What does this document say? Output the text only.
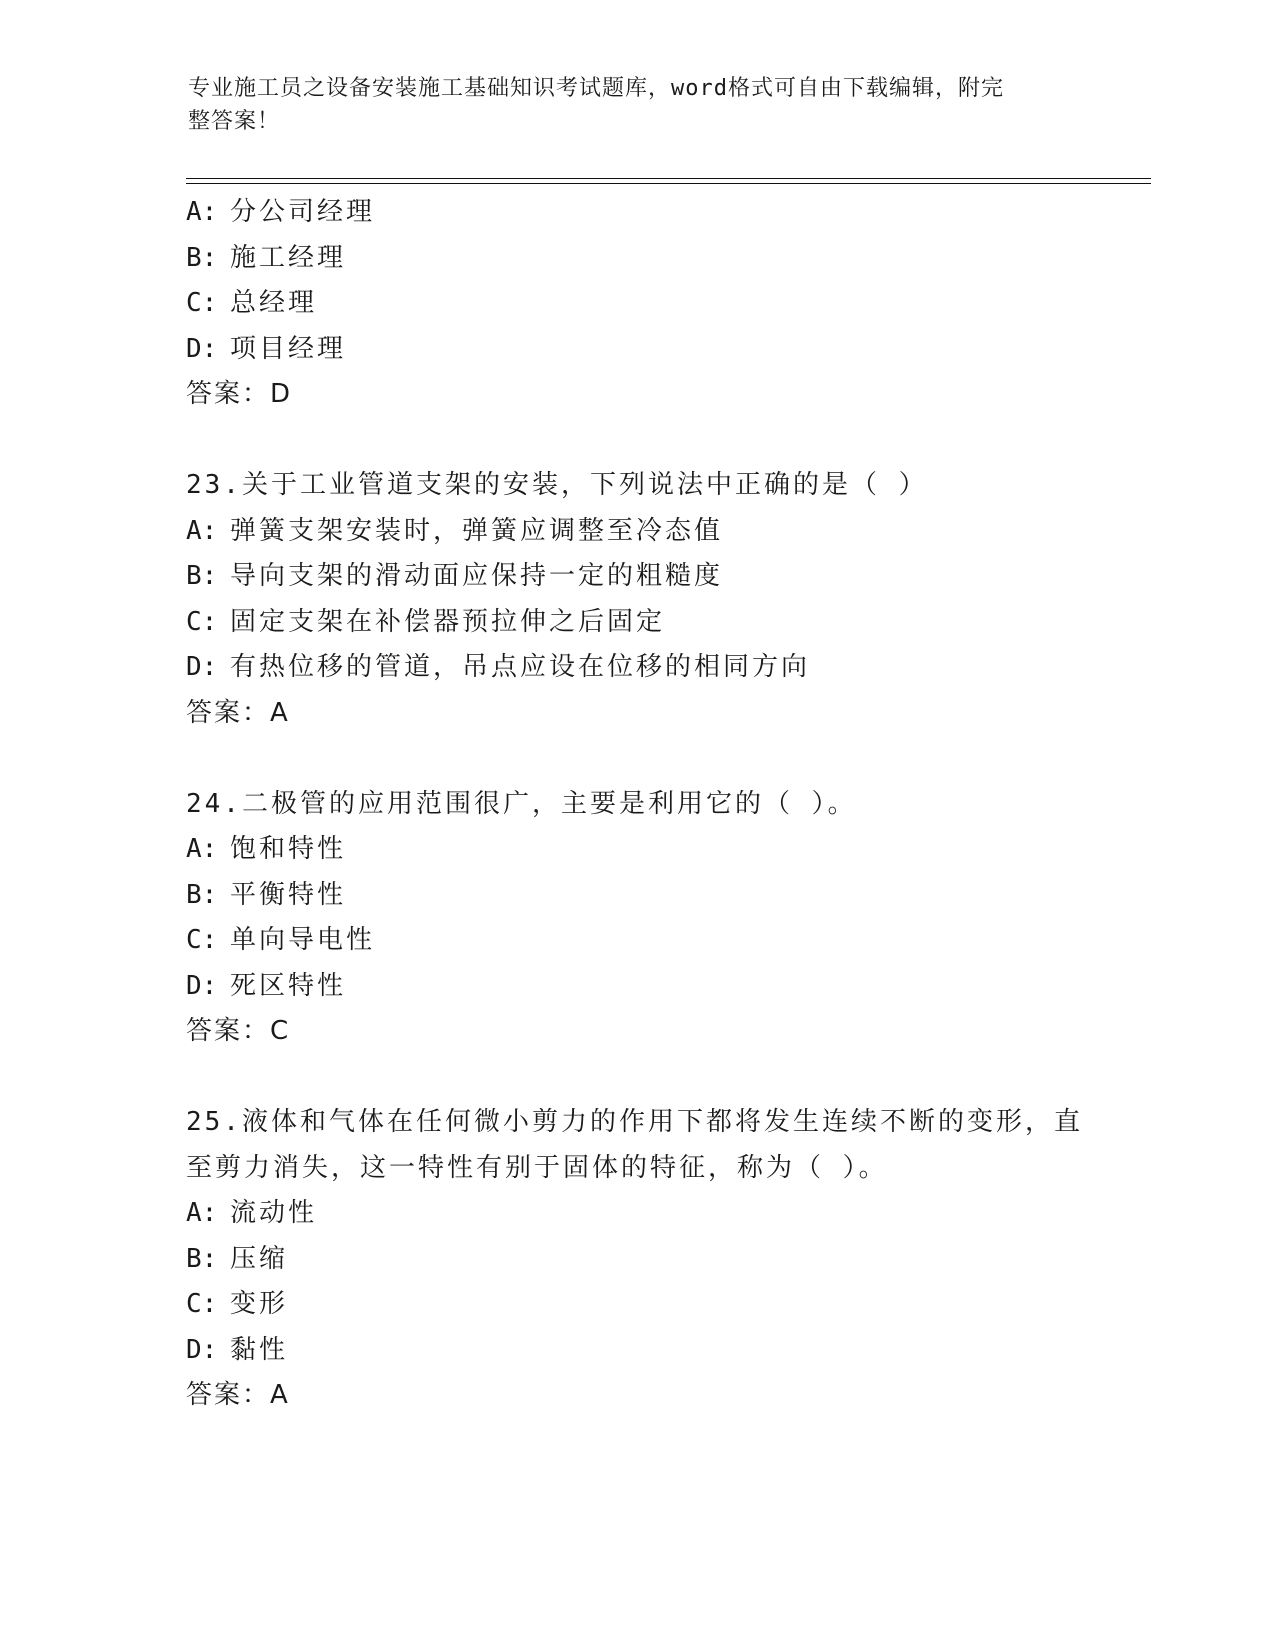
专业施工员之设备安装施工基础知识考试题库，word格式可自由下载编辑，附完
整答案！
A: 分公司经理
B: 施工经理
C: 总经理
D: 项目经理
答案：D
23.关于工业管道支架的安装，下列说法中正确的是（ ）
A: 弹簧支架安装时，弹簧应调整至冷态值
B: 导向支架的滑动面应保持一定的粗糙度
C: 固定支架在补偿器预拉伸之后固定
D: 有热位移的管道，吊点应设在位移的相同方向
答案：A
24.二极管的应用范围很广，主要是利用它的（ ）。
A: 饱和特性
B: 平衡特性
C: 单向导电性
D: 死区特性
答案：C
25.液体和气体在任何微小剪力的作用下都将发生连续不断的变形，直
至剪力消失，这一特性有别于固体的特征，称为（ ）。
A: 流动性
B: 压缩
C: 变形
D: 黏性
答案：A
